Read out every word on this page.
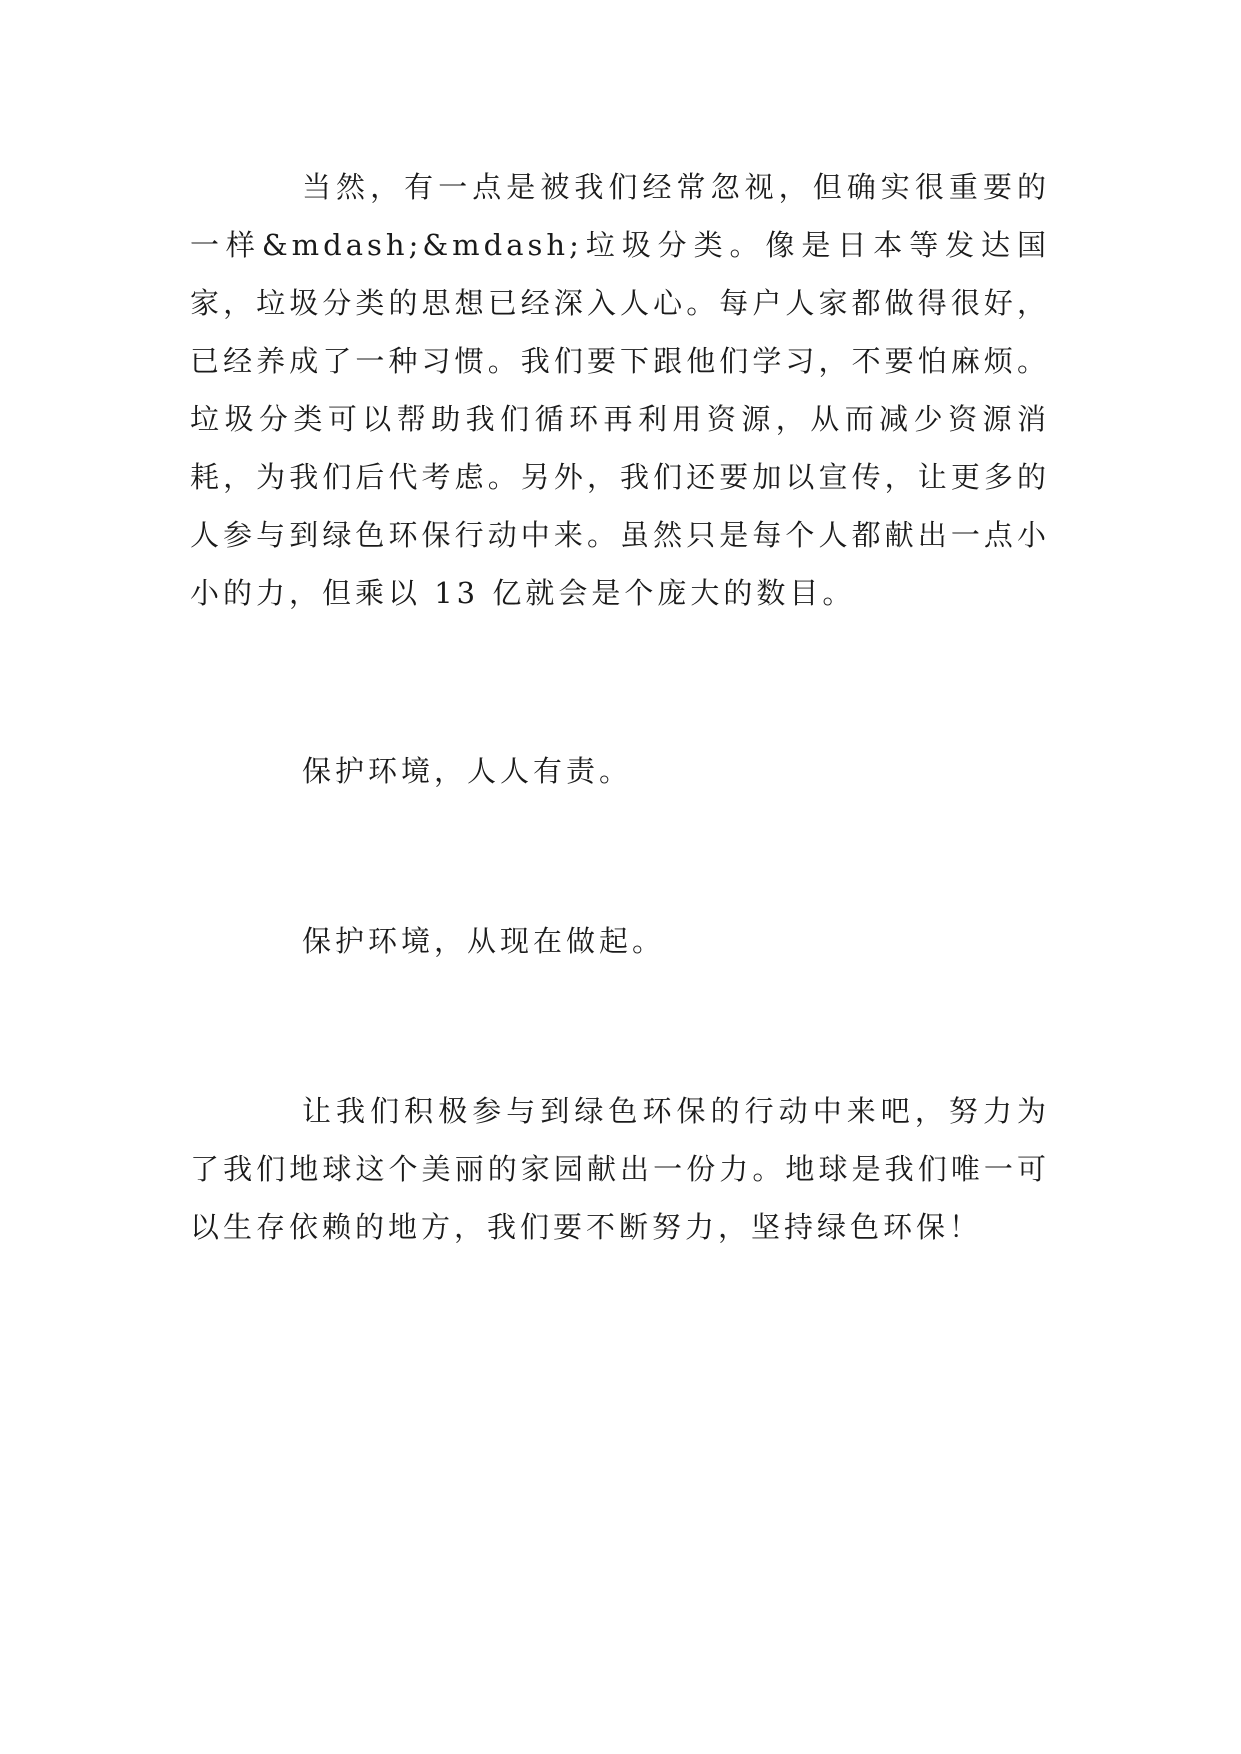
当然，有一点是被我们经常忽视，但确实很重要的一样&mdash;&mdash;垃圾分类。像是日本等发达国家，垃圾分类的思想已经深入人心。每户人家都做得很好，已经养成了一种习惯。我们要下跟他们学习，不要怕麻烦。垃圾分类可以帮助我们循环再利用资源，从而减少资源消耗，为我们后代考虑。另外，我们还要加以宣传，让更多的人参与到绿色环保行动中来。虽然只是每个人都献出一点小小的力，但乘以 13 亿就会是个庞大的数目。

保护环境，人人有责。

保护环境，从现在做起。

让我们积极参与到绿色环保的行动中来吧，努力为了我们地球这个美丽的家园献出一份力。地球是我们唯一可以生存依赖的地方，我们要不断努力，坚持绿色环保！
